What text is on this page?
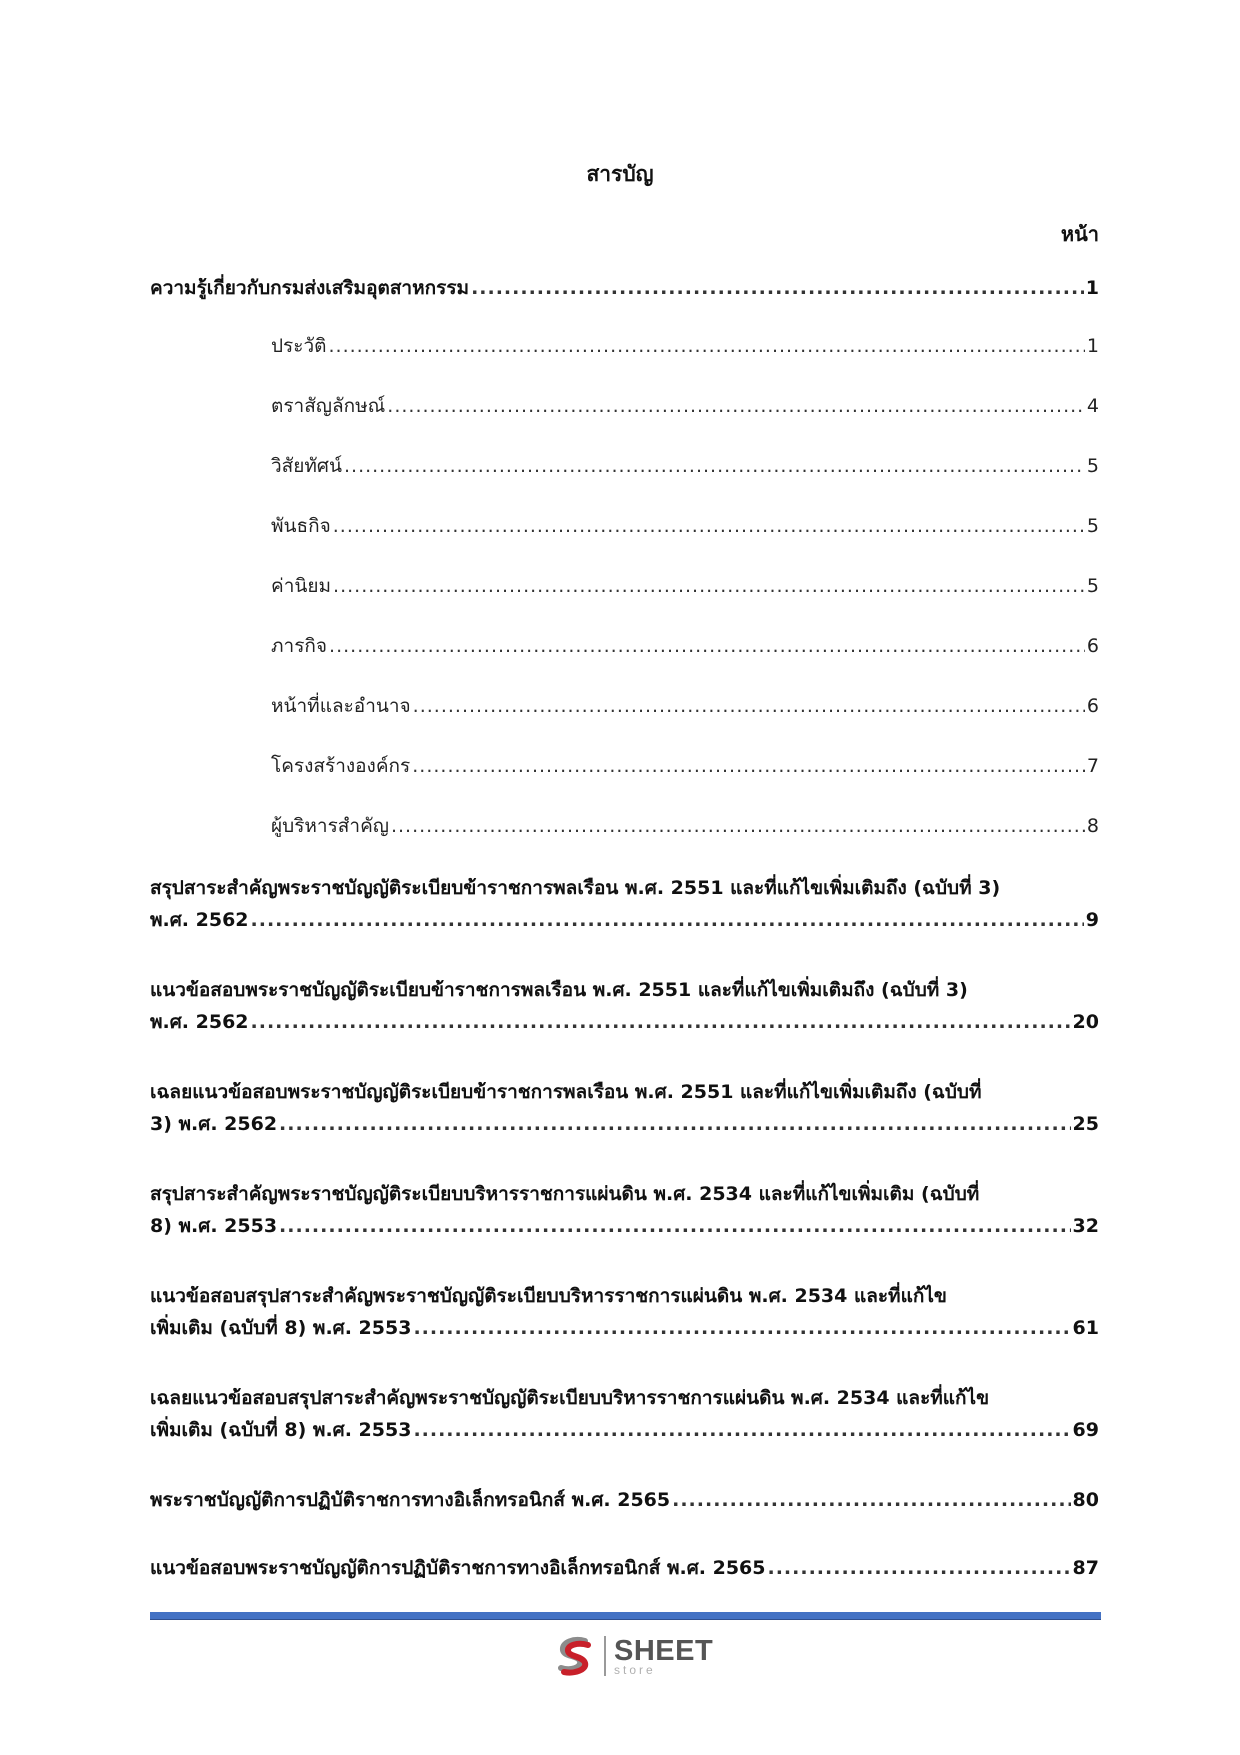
สารบัญ
หน้า
ความรู้เกี่ยวกับกรมส่งเสริมอุตสาหกรรม .....	1
ประวัติ .....	1
ตราสัญลักษณ์ .....	4
วิสัยทัศน์ .....	5
พันธกิจ .....	5
ค่านิยม .....	5
ภารกิจ .....	6
หน้าที่และอำนาจ .....	6
โครงสร้างองค์กร .....	7
ผู้บริหารสำคัญ .....	8
สรุปสาระสำคัญพระราชบัญญัติระเบียบข้าราชการพลเรือน พ.ศ. 2551 และที่แก้ไขเพิ่มเติมถึง (ฉบับที่ 3)
พ.ศ. 2562 .....	9
แนวข้อสอบพระราชบัญญัติระเบียบข้าราชการพลเรือน พ.ศ. 2551 และที่แก้ไขเพิ่มเติมถึง (ฉบับที่ 3)
พ.ศ. 2562 .....	20
เฉลยแนวข้อสอบพระราชบัญญัติระเบียบข้าราชการพลเรือน พ.ศ. 2551 และที่แก้ไขเพิ่มเติมถึง (ฉบับที่
3) พ.ศ. 2562 .....	25
สรุปสาระสำคัญพระราชบัญญัติระเบียบบริหารราชการแผ่นดิน พ.ศ. 2534 และที่แก้ไขเพิ่มเติม (ฉบับที่
8) พ.ศ. 2553 .....	32
แนวข้อสอบสรุปสาระสำคัญพระราชบัญญัติระเบียบบริหารราชการแผ่นดิน พ.ศ. 2534 และที่แก้ไข
เพิ่มเติม (ฉบับที่ 8) พ.ศ. 2553 .....	61
เฉลยแนวข้อสอบสรุปสาระสำคัญพระราชบัญญัติระเบียบบริหารราชการแผ่นดิน พ.ศ. 2534 และที่แก้ไข
เพิ่มเติม (ฉบับที่ 8) พ.ศ. 2553 .....	69
พระราชบัญญัติการปฏิบัติราชการทางอิเล็กทรอนิกส์ พ.ศ. 2565 .....	80
แนวข้อสอบพระราชบัญญัติการปฏิบัติราชการทางอิเล็กทรอนิกส์ พ.ศ. 2565 .....	87
SHEET
store
